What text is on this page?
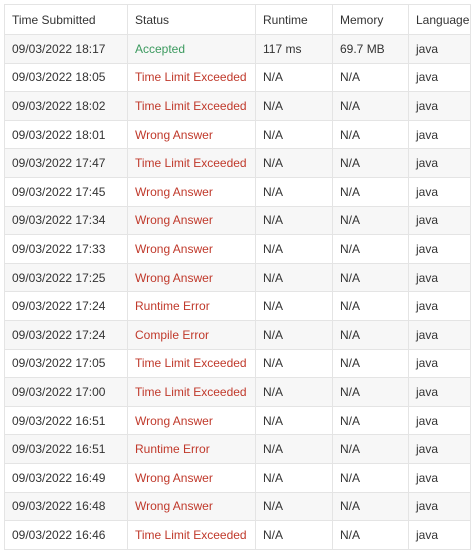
Time Submitted	Status	Runtime	Memory	Language
09/03/2022 18:17	Accepted	117 ms	69.7 MB	java
09/03/2022 18:05	Time Limit Exceeded	N/A	N/A	java
09/03/2022 18:02	Time Limit Exceeded	N/A	N/A	java
09/03/2022 18:01	Wrong Answer	N/A	N/A	java
09/03/2022 17:47	Time Limit Exceeded	N/A	N/A	java
09/03/2022 17:45	Wrong Answer	N/A	N/A	java
09/03/2022 17:34	Wrong Answer	N/A	N/A	java
09/03/2022 17:33	Wrong Answer	N/A	N/A	java
09/03/2022 17:25	Wrong Answer	N/A	N/A	java
09/03/2022 17:24	Runtime Error	N/A	N/A	java
09/03/2022 17:24	Compile Error	N/A	N/A	java
09/03/2022 17:05	Time Limit Exceeded	N/A	N/A	java
09/03/2022 17:00	Time Limit Exceeded	N/A	N/A	java
09/03/2022 16:51	Wrong Answer	N/A	N/A	java
09/03/2022 16:51	Runtime Error	N/A	N/A	java
09/03/2022 16:49	Wrong Answer	N/A	N/A	java
09/03/2022 16:48	Wrong Answer	N/A	N/A	java
09/03/2022 16:46	Time Limit Exceeded	N/A	N/A	java
